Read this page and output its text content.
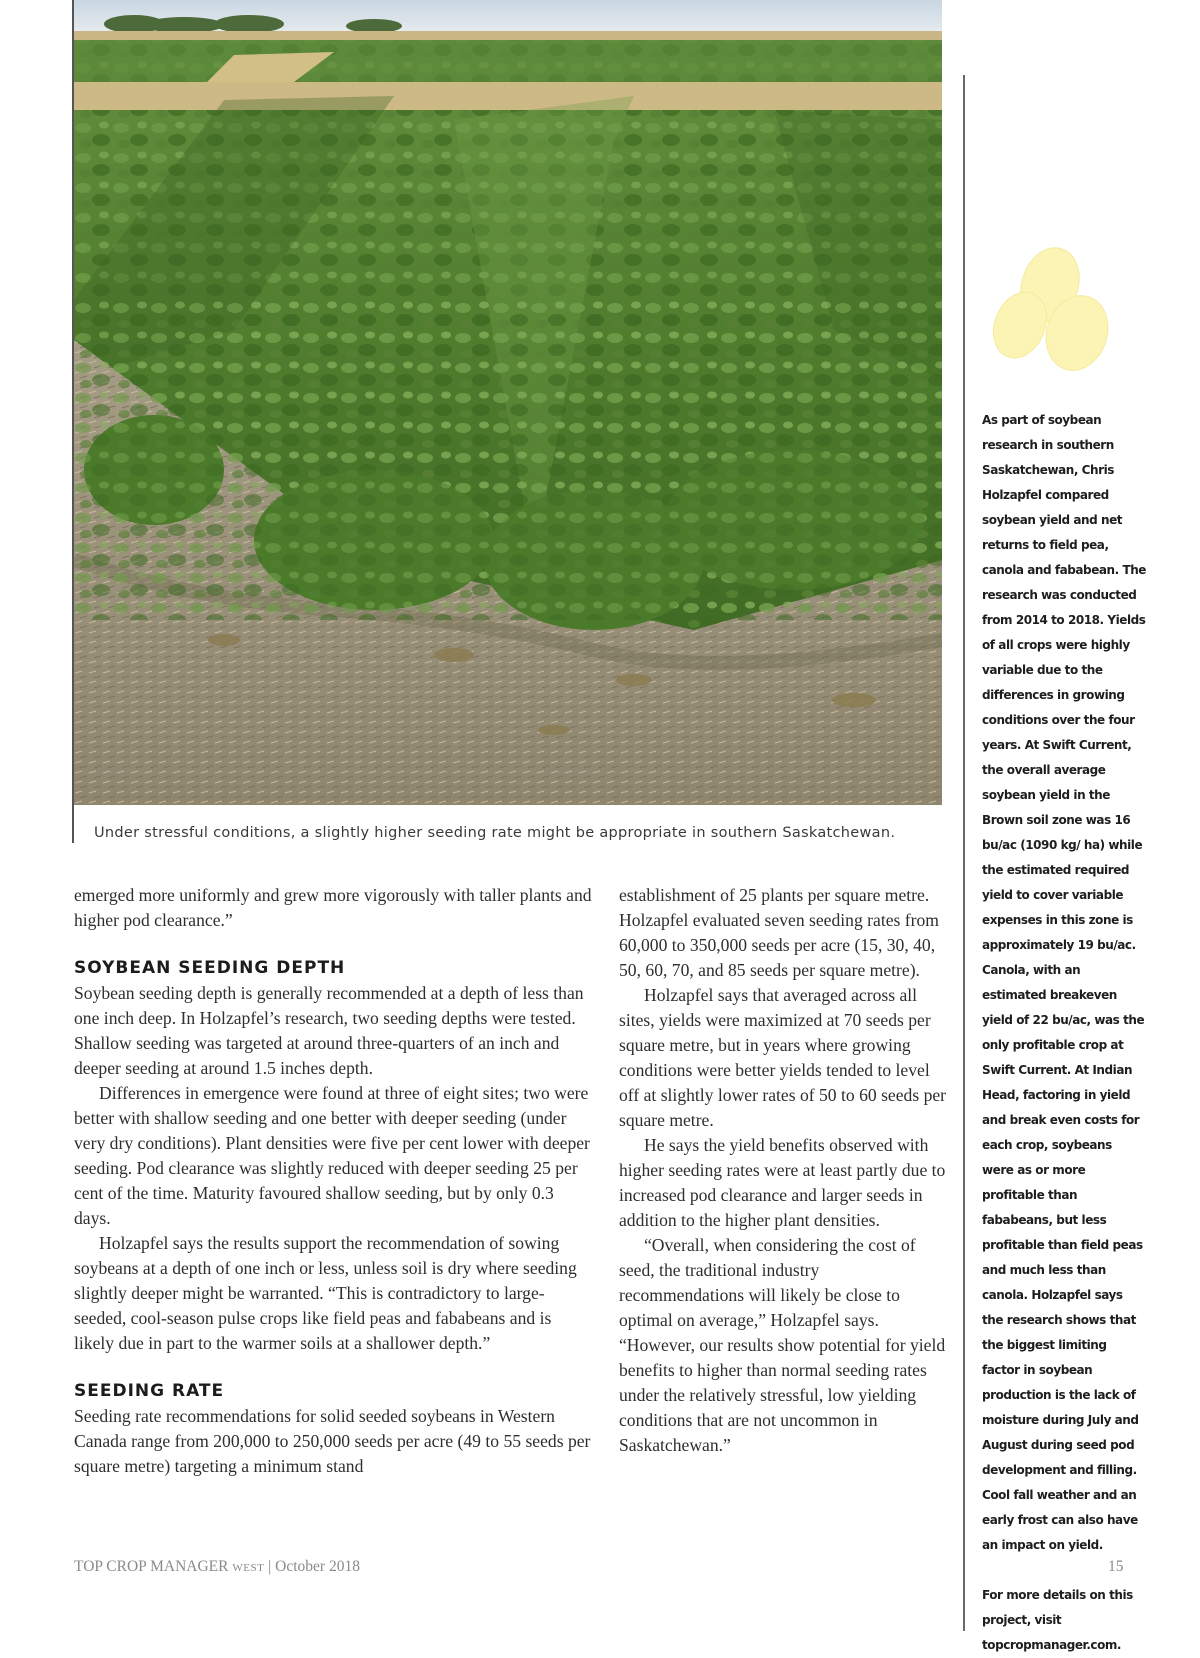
Under stressful conditions, a slightly higher seeding rate might be appropriate in southern Saskatchewan.

emerged more uniformly and grew more vigorously with taller plants and higher pod clearance.”

SOYBEAN SEEDING DEPTH

Soybean seeding depth is generally recommended at a depth of less than one inch deep. In Holzapfel’s research, two seeding depths were tested. Shallow seeding was targeted at around three-quarters of an inch and deeper seeding at around 1.5 inches depth.

Differences in emergence were found at three of eight sites; two were better with shallow seeding and one better with deeper seeding (under very dry conditions). Plant densities were five per cent lower with deeper seeding. Pod clearance was slightly reduced with deeper seeding 25 per cent of the time. Maturity favoured shallow seeding, but by only 0.3 days.

Holzapfel says the results support the recommendation of sowing soybeans at a depth of one inch or less, unless soil is dry where seeding slightly deeper might be warranted. “This is contradictory to large-seeded, cool-season pulse crops like field peas and fababeans and is likely due in part to the warmer soils at a shallower depth.”

SEEDING RATE

Seeding rate recommendations for solid seeded soybeans in Western Canada range from 200,000 to 250,000 seeds per acre (49 to 55 seeds per square metre) targeting a minimum stand

establishment of 25 plants per square metre. Holzapfel evaluated seven seeding rates from 60,000 to 350,000 seeds per acre (15, 30, 40, 50, 60, 70, and 85 seeds per square metre).

Holzapfel says that averaged across all sites, yields were maximized at 70 seeds per square metre, but in years where growing conditions were better yields tended to level off at slightly lower rates of 50 to 60 seeds per square metre.

He says the yield benefits observed with higher seeding rates were at least partly due to increased pod clearance and larger seeds in addition to the higher plant densities.

“Overall, when considering the cost of seed, the traditional industry recommendations will likely be close to optimal on average,” Holzapfel says. “However, our results show potential for yield benefits to higher than normal seeding rates under the relatively stressful, low yielding conditions that are not uncommon in Saskatchewan.”

As part of soybean research in southern Saskatchewan, Chris Holzapfel compared soybean yield and net returns to field pea, canola and fababean. The research was conducted from 2014 to 2018. Yields of all crops were highly variable due to the differences in growing conditions over the four years. At Swift Current, the overall average soybean yield in the Brown soil zone was 16 bu/ac (1090 kg/ ha) while the estimated required yield to cover variable expenses in this zone is approximately 19 bu/ac. Canola, with an estimated breakeven yield of 22 bu/ac, was the only profitable crop at Swift Current. At Indian Head, factoring in yield and break even costs for each crop, soybeans were as or more profitable than fababeans, but less profitable than field peas and much less than canola. Holzapfel says the research shows that the biggest limiting factor in soybean production is the lack of moisture during July and August during seed pod development and filling. Cool fall weather and an early frost can also have an impact on yield.

For more details on this project, visit topcropmanager.com.

TOP CROP MANAGER WEST | October 2018	15
